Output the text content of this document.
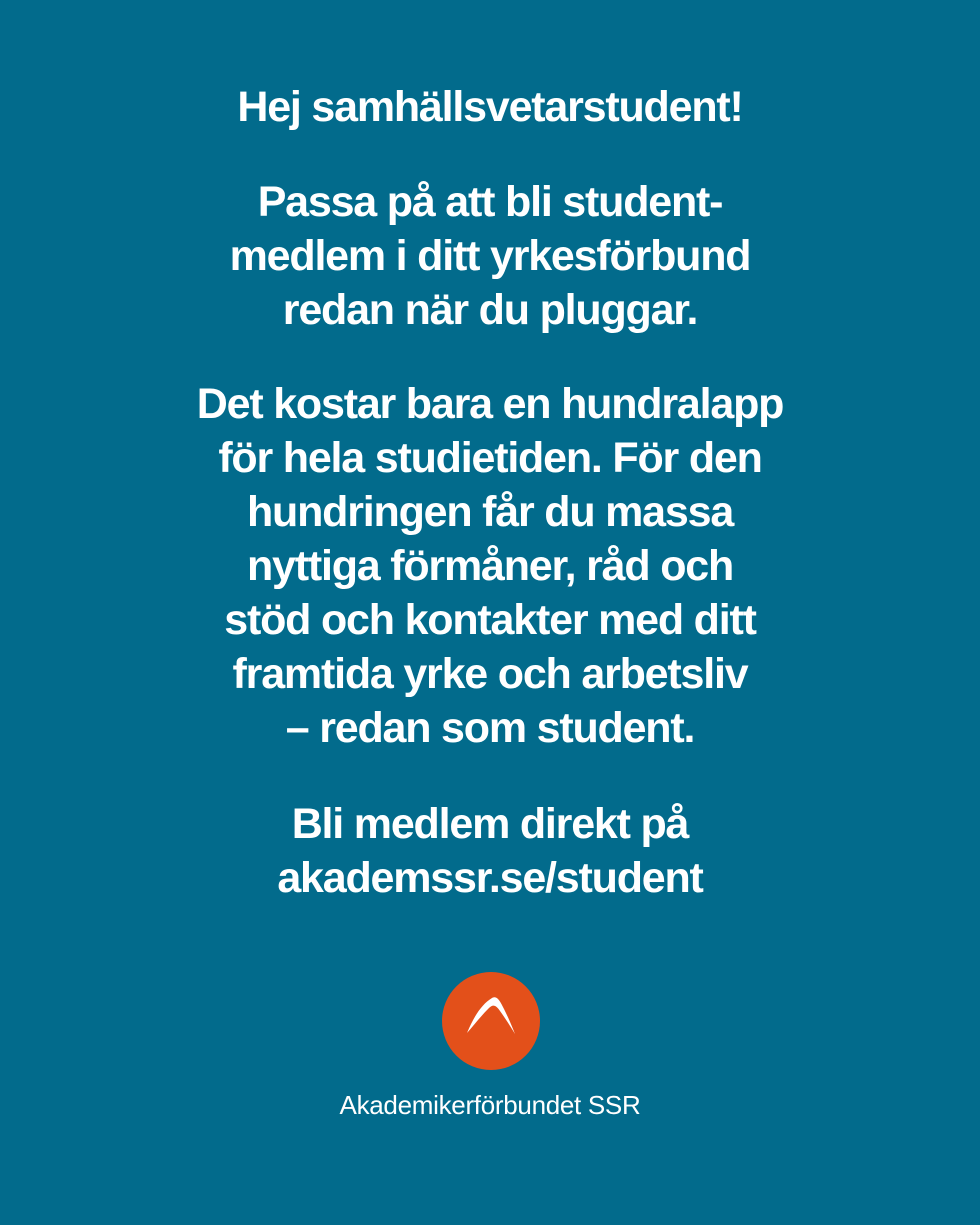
Hej samhällsvetarstudent!

Passa på att bli student-
medlem i ditt yrkesförbund
redan när du pluggar.

Det kostar bara en hundralapp
för hela studietiden. För den
hundringen får du massa
nyttiga förmåner, råd och
stöd och kontakter med ditt
framtida yrke och arbetsliv
– redan som student.

Bli medlem direkt på
akademssr.se/student

Akademikerförbundet SSR
